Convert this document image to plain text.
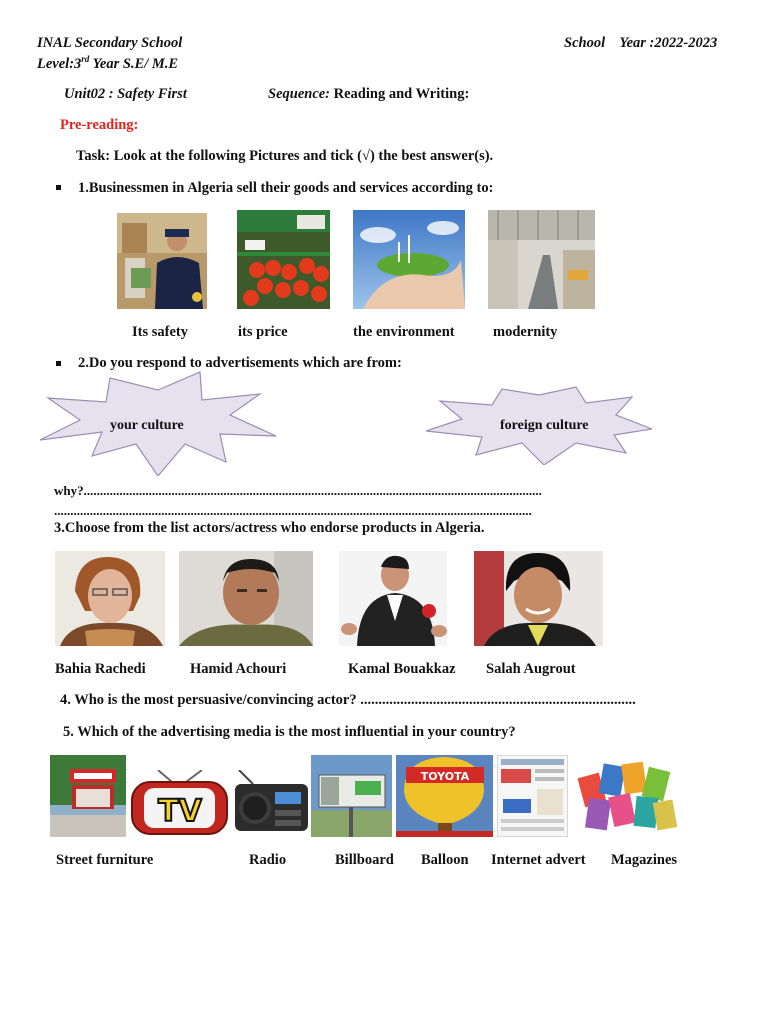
INAL Secondary School
Level:3rd Year S.E/ M.E
School    Year :2022-2023
Unit02 : Safety First	Sequence: Reading and Writing:
Pre-reading:
Task: Look at the following Pictures and tick (√) the best answer(s).
1.Businessmen in Algeria sell their goods and services according to:
Its safety	its price	the environment	modernity
2.Do you respond to advertisements which are from:
your culture	foreign culture
why?.............................................................................................................................................
...................................................................................................................................................
3.Choose from the list actors/actress who endorse products in Algeria.
Bahia Rachedi	Hamid Achouri	Kamal Bouakkaz Salah Augrout
4. Who is the most persuasive/convincing actor? ............................................................................
5. Which of the advertising media is the most influential in your country?
TV
TOYOTA
Street furniture	Radio	Billboard Balloon Internet advert Magazines
